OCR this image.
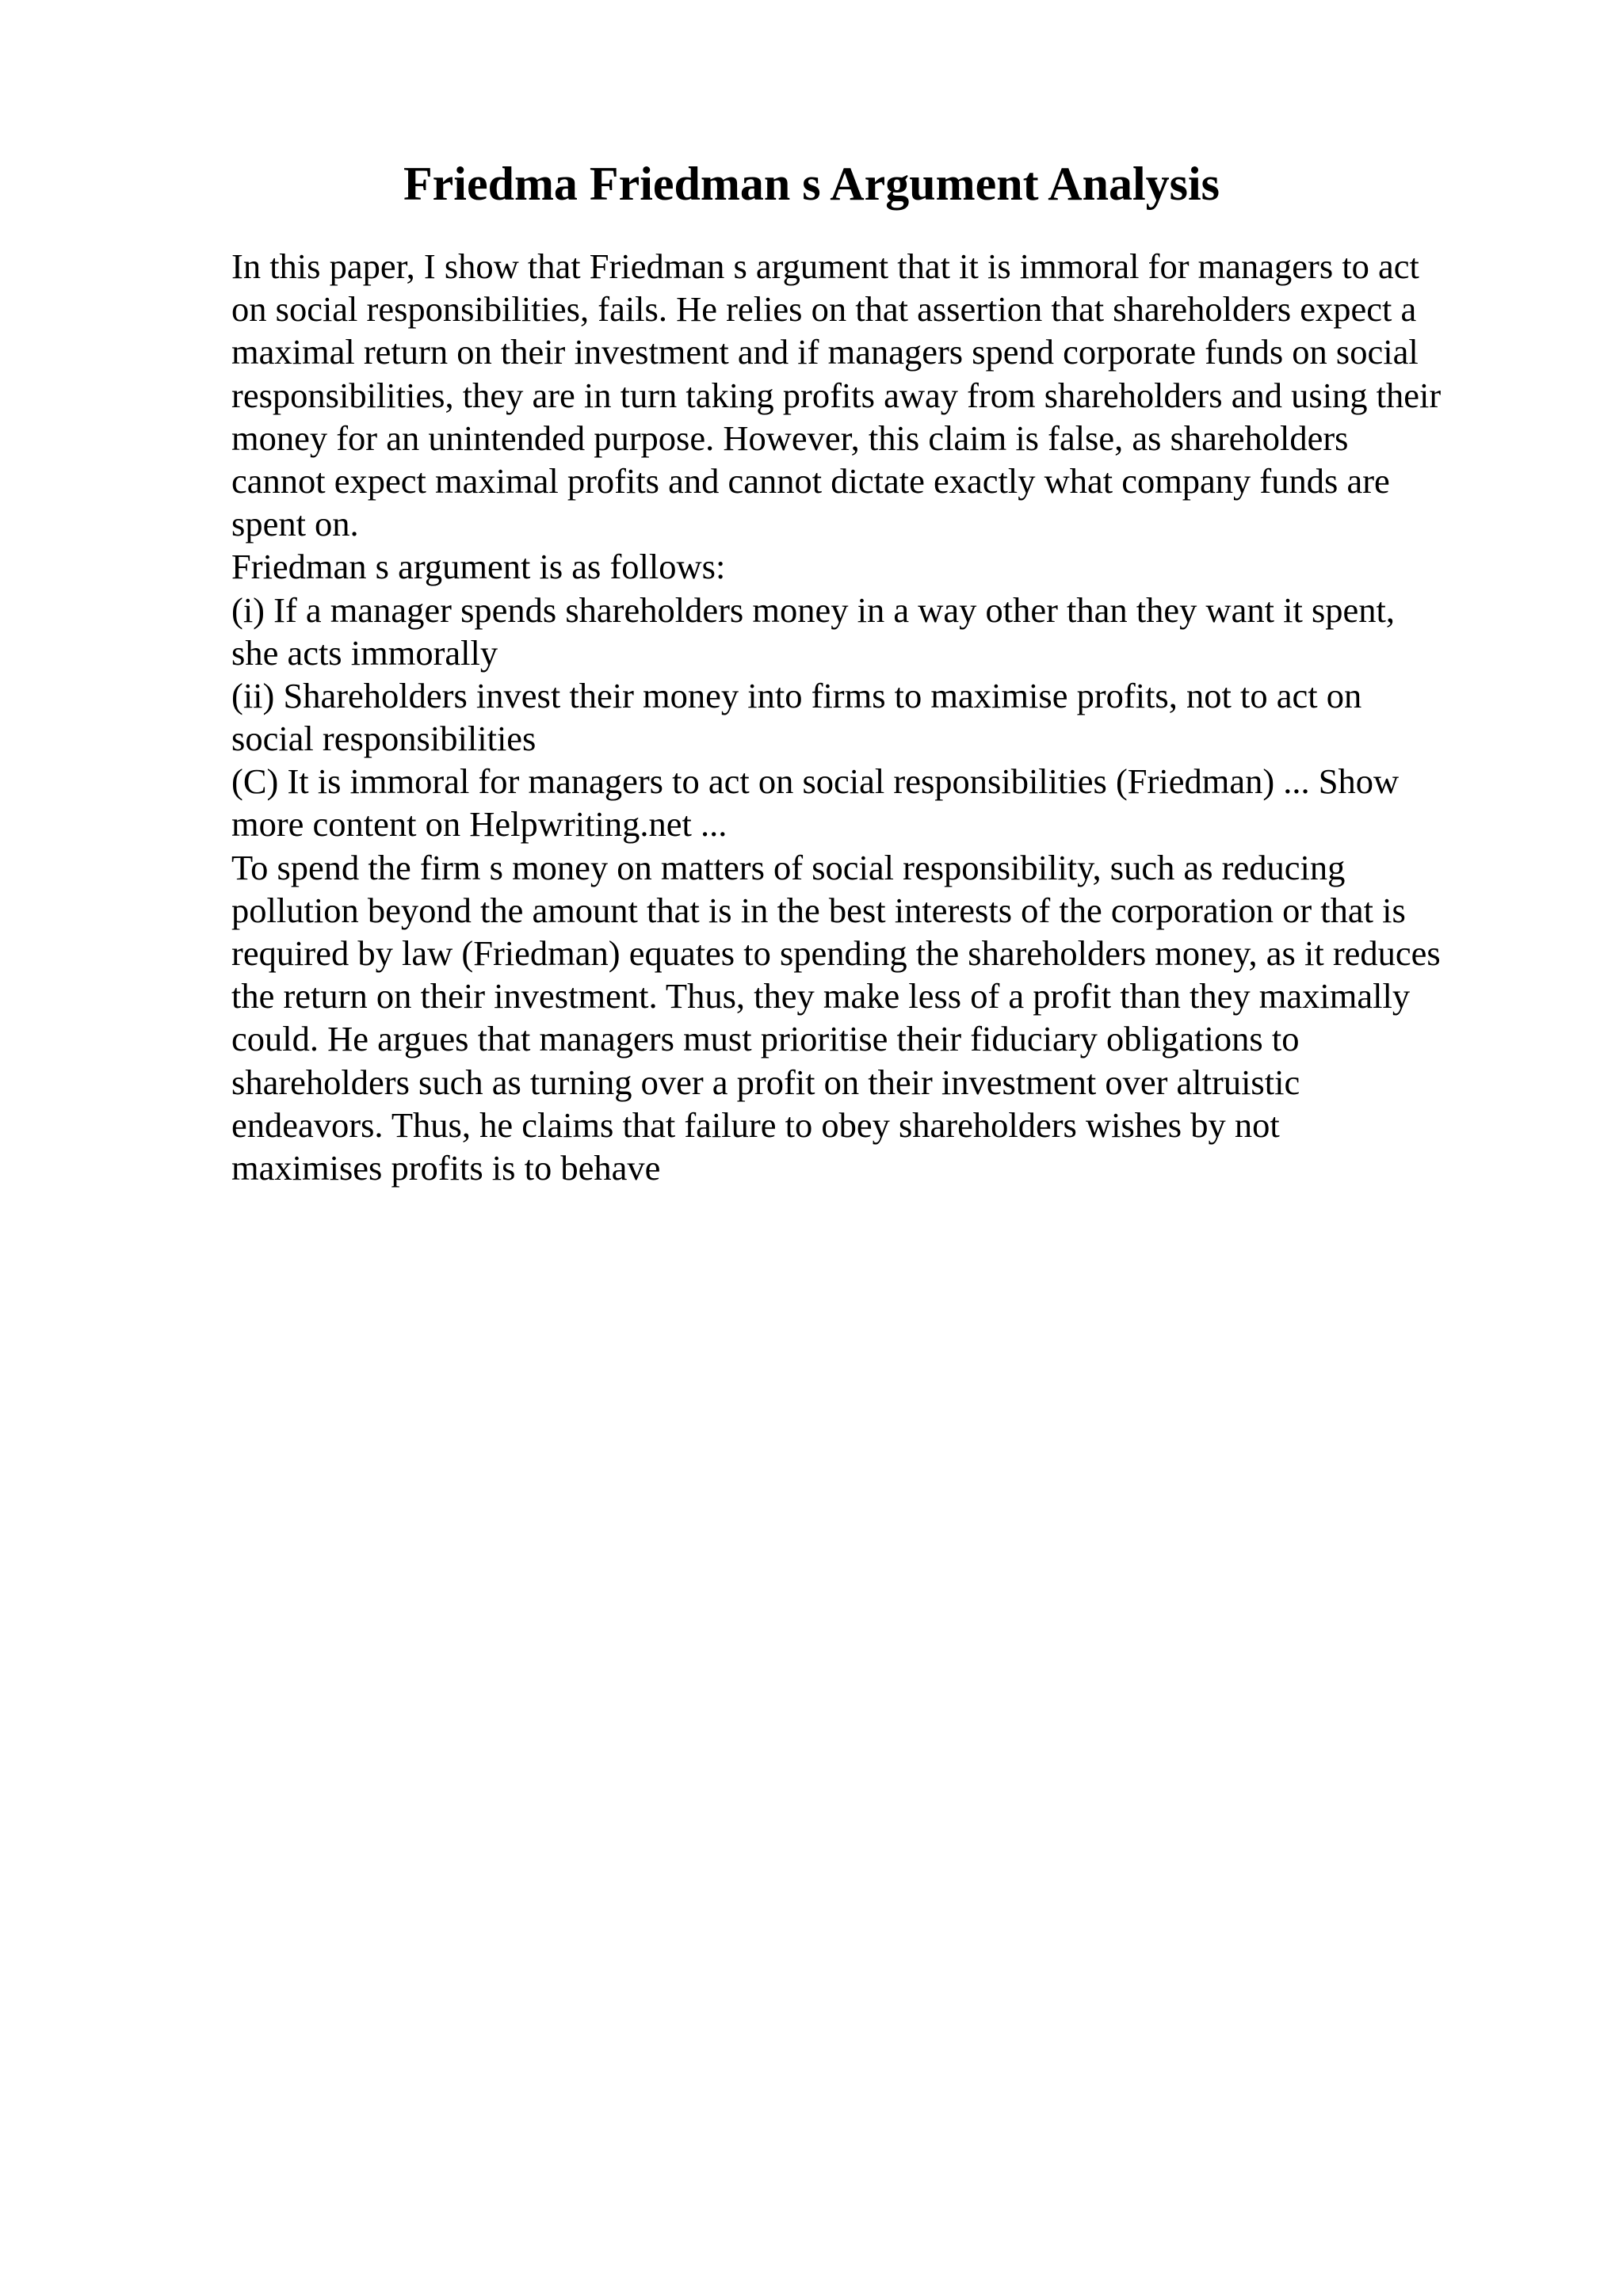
Friedma Friedman s Argument Analysis
In this paper, I show that Friedman s argument that it is immoral for managers to act
on social responsibilities, fails. He relies on that assertion that shareholders expect a
maximal return on their investment and if managers spend corporate funds on social
responsibilities, they are in turn taking profits away from shareholders and using their
money for an unintended purpose. However, this claim is false, as shareholders
cannot expect maximal profits and cannot dictate exactly what company funds are
spent on.
Friedman s argument is as follows:
(i) If a manager spends shareholders money in a way other than they want it spent,
she acts immorally
(ii) Shareholders invest their money into firms to maximise profits, not to act on
social responsibilities
(C) It is immoral for managers to act on social responsibilities (Friedman) ... Show
more content on Helpwriting.net ...
To spend the firm s money on matters of social responsibility, such as reducing
pollution beyond the amount that is in the best interests of the corporation or that is
required by law (Friedman) equates to spending the shareholders money, as it reduces
the return on their investment. Thus, they make less of a profit than they maximally
could. He argues that managers must prioritise their fiduciary obligations to
shareholders such as turning over a profit on their investment over altruistic
endeavors. Thus, he claims that failure to obey shareholders wishes by not
maximises profits is to behave
